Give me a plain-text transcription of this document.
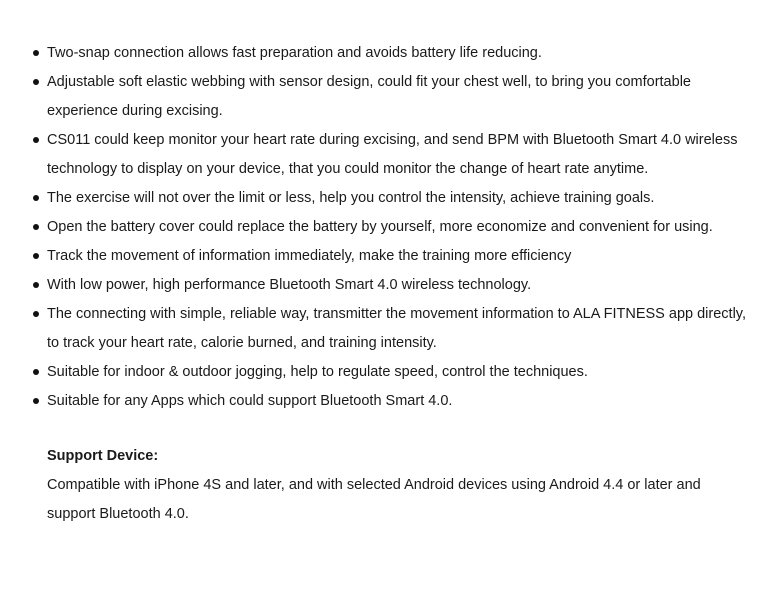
Two-snap connection allows fast preparation and avoids battery life reducing.
Adjustable soft elastic webbing with sensor design, could fit your chest well, to bring you comfortable experience during excising.
CS011 could keep monitor your heart rate during excising, and send BPM with Bluetooth Smart 4.0 wireless technology to display on your device, that you could monitor the change of heart rate anytime.
The exercise will not over the limit or less, help you control the intensity, achieve training goals.
Open the battery cover could replace the battery by yourself, more economize and convenient for using.
Track the movement of information immediately, make the training more efficiency
With low power, high performance Bluetooth Smart 4.0 wireless technology.
The connecting with simple, reliable way, transmitter the movement information to ALA FITNESS app directly, to track your heart rate, calorie burned, and training intensity.
Suitable for indoor & outdoor jogging, help to regulate speed, control the techniques.
Suitable for any Apps which could support Bluetooth Smart 4.0.
Support Device:
Compatible with iPhone 4S and later, and with selected Android devices using Android 4.4 or later and support Bluetooth 4.0.
